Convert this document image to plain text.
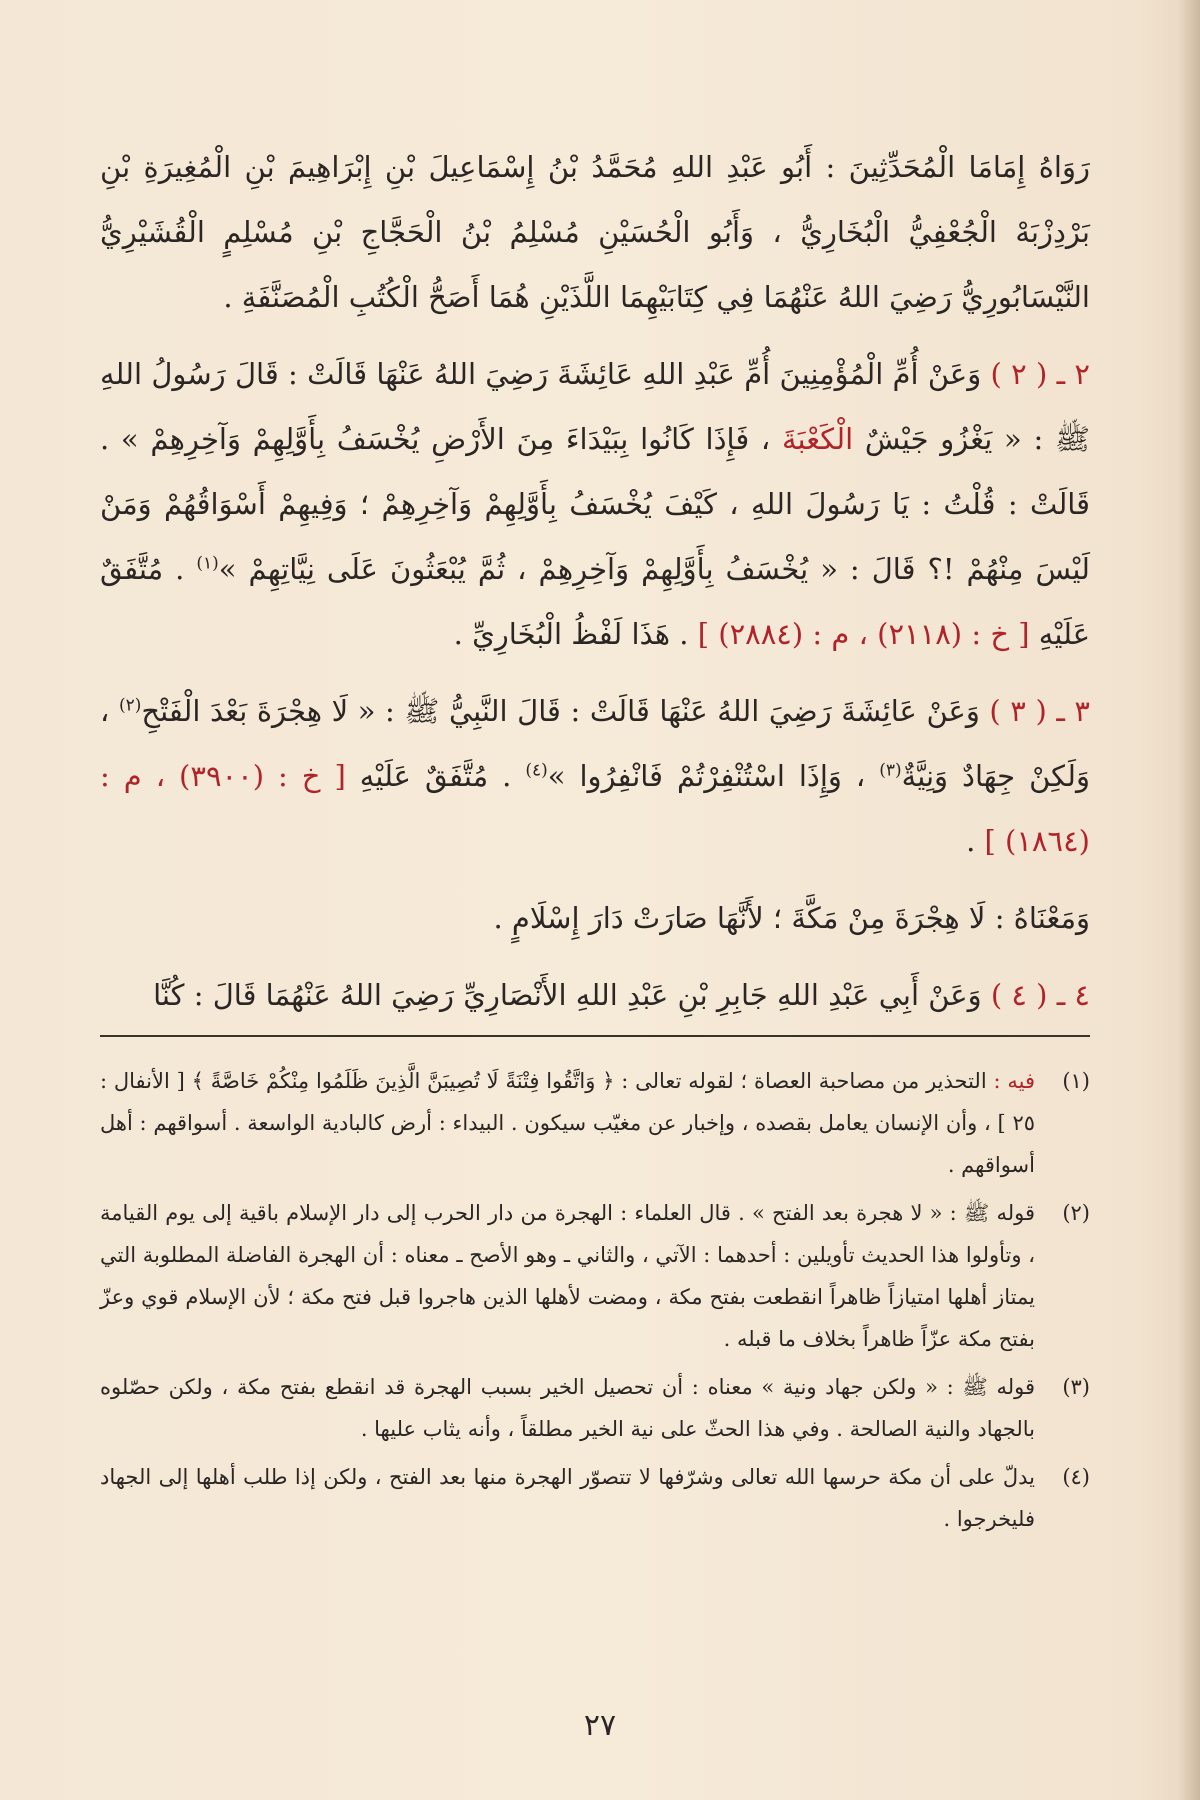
رَوَاهُ إِمَامَا الْمُحَدِّثِينَ : أَبُو عَبْدِ اللهِ مُحَمَّدُ بْنُ إِسْمَاعِيلَ بْنِ إِبْرَاهِيمَ بْنِ الْمُغِيرَةِ بْنِ بَرْدِزْبَهْ الْجُعْفِيُّ الْبُخَارِيُّ ، وَأَبُو الْحُسَيْنِ مُسْلِمُ بْنُ الْحَجَّاجِ بْنِ مُسْلِمٍ الْقُشَيْرِيُّ النَّيْسَابُورِيُّ رَضِيَ اللهُ عَنْهُمَا فِي كِتَابَيْهِمَا اللَّذَيْنِ هُمَا أَصَحُّ الْكُتُبِ الْمُصَنَّفَةِ .

٢ ـ ( ٢ ) وَعَنْ أُمِّ الْمُؤْمِنِينَ أُمِّ عَبْدِ اللهِ عَائِشَةَ رَضِيَ اللهُ عَنْهَا قَالَتْ : قَالَ رَسُولُ اللهِ ﷺ : « يَغْزُو جَيْشٌ الْكَعْبَةَ ، فَإِذَا كَانُوا بِبَيْدَاءَ مِنَ الأَرْضِ يُخْسَفُ بِأَوَّلِهِمْ وَآخِرِهِمْ » . قَالَتْ : قُلْتُ : يَا رَسُولَ اللهِ ، كَيْفَ يُخْسَفُ بِأَوَّلِهِمْ وَآخِرِهِمْ ؛ وَفِيهِمْ أَسْوَاقُهُمْ وَمَنْ لَيْسَ مِنْهُمْ !؟ قَالَ : « يُخْسَفُ بِأَوَّلِهِمْ وَآخِرِهِمْ ، ثُمَّ يُبْعَثُونَ عَلَى نِيَّاتِهِمْ »$^{(١)}$ . مُتَّفَقٌ عَلَيْهِ [ خ : (٢١١٨) ، م : (٢٨٨٤) ] . هَذَا لَفْظُ الْبُخَارِيِّ .

٣ ـ ( ٣ ) وَعَنْ عَائِشَةَ رَضِيَ اللهُ عَنْهَا قَالَتْ : قَالَ النَّبِيُّ ﷺ : « لَا هِجْرَةَ بَعْدَ الْفَتْحِ$^{(٢)}$ ، وَلَكِنْ جِهَادٌ وَنِيَّةٌ$^{(٣)}$ ، وَإِذَا اسْتُنْفِرْتُمْ فَانْفِرُوا »$^{(٤)}$ . مُتَّفَقٌ عَلَيْهِ [ خ : (٣٩٠٠) ، م : (١٨٦٤) ] .

وَمَعْنَاهُ : لَا هِجْرَةَ مِنْ مَكَّةَ ؛ لأَنَّهَا صَارَتْ دَارَ إِسْلَامٍ .

٤ ـ ( ٤ ) وَعَنْ أَبِي عَبْدِ اللهِ جَابِرِ بْنِ عَبْدِ اللهِ الأَنْصَارِيِّ رَضِيَ اللهُ عَنْهُمَا قَالَ : كُنَّا

(١)
فيه : التحذير من مصاحبة العصاة ؛ لقوله تعالى : ﴿ وَاتَّقُوا فِتْنَةً لَا تُصِيبَنَّ الَّذِينَ ظَلَمُوا مِنْكُمْ خَاصَّةً ﴾ [ الأنفال : ٢٥ ] ، وأن الإنسان يعامل بقصده ، وإخبار عن مغيّب سيكون . البيداء : أرض كالبادية الواسعة . أسواقهم : أهل أسواقهم .
(٢)
قوله ﷺ : « لا هجرة بعد الفتح » . قال العلماء : الهجرة من دار الحرب إلى دار الإسلام باقية إلى يوم القيامة ، وتأولوا هذا الحديث تأويلين : أحدهما : الآتي ، والثاني ـ وهو الأصح ـ معناه : أن الهجرة الفاضلة المطلوبة التي يمتاز أهلها امتيازاً ظاهراً انقطعت بفتح مكة ، ومضت لأهلها الذين هاجروا قبل فتح مكة ؛ لأن الإسلام قوي وعزّ بفتح مكة عزّاً ظاهراً بخلاف ما قبله .
(٣)
قوله ﷺ : « ولكن جهاد ونية » معناه : أن تحصيل الخير بسبب الهجرة قد انقطع بفتح مكة ، ولكن حصّلوه بالجهاد والنية الصالحة . وفي هذا الحثّ على نية الخير مطلقاً ، وأنه يثاب عليها .
(٤)
يدلّ على أن مكة حرسها الله تعالى وشرّفها لا تتصوّر الهجرة منها بعد الفتح ، ولكن إذا طلب أهلها إلى الجهاد فليخرجوا .
٢٧
